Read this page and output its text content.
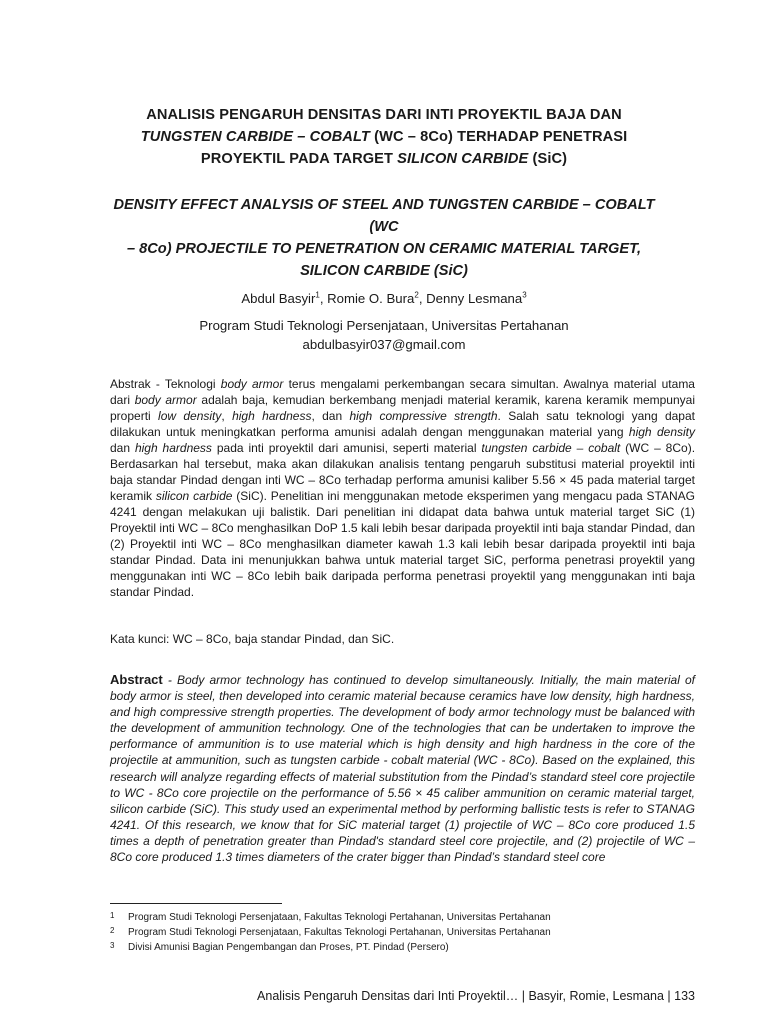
ANALISIS PENGARUH DENSITAS DARI INTI PROYEKTIL BAJA DAN
TUNGSTEN CARBIDE – COBALT (WC – 8Co) TERHADAP PENETRASI
PROYEKTIL PADA TARGET SILICON CARBIDE (SiC)
DENSITY EFFECT ANALYSIS OF STEEL AND TUNGSTEN CARBIDE – COBALT (WC
– 8Co) PROJECTILE TO PENETRATION ON CERAMIC MATERIAL TARGET,
SILICON CARBIDE (SiC)
Abdul Basyir$^1$, Romie O. Bura$^2$, Denny Lesmana$^3$
Program Studi Teknologi Persenjataan, Universitas Pertahanan
abdulbasyir037@gmail.com
Abstrak - Teknologi body armor terus mengalami perkembangan secara simultan. Awalnya material utama dari body armor adalah baja, kemudian berkembang menjadi material keramik, karena keramik mempunyai properti low density, high hardness, dan high compressive strength. Salah satu teknologi yang dapat dilakukan untuk meningkatkan performa amunisi adalah dengan menggunakan material yang high density dan high hardness pada inti proyektil dari amunisi, seperti material tungsten carbide – cobalt (WC – 8Co). Berdasarkan hal tersebut, maka akan dilakukan analisis tentang pengaruh substitusi material proyektil inti baja standar Pindad dengan inti WC – 8Co terhadap performa amunisi kaliber 5.56 × 45 pada material target keramik silicon carbide (SiC). Penelitian ini menggunakan metode eksperimen yang mengacu pada STANAG 4241 dengan melakukan uji balistik. Dari penelitian ini didapat data bahwa untuk material target SiC (1) Proyektil inti WC – 8Co menghasilkan DoP 1.5 kali lebih besar daripada proyektil inti baja standar Pindad, dan (2) Proyektil inti WC – 8Co menghasilkan diameter kawah 1.3 kali lebih besar daripada proyektil inti baja standar Pindad. Data ini menunjukkan bahwa untuk material target SiC, performa penetrasi proyektil yang menggunakan inti WC – 8Co lebih baik daripada performa penetrasi proyektil yang menggunakan inti baja standar Pindad.
Kata kunci: WC – 8Co, baja standar Pindad, dan SiC.
Abstract - Body armor technology has continued to develop simultaneously. Initially, the main material of body armor is steel, then developed into ceramic material because ceramics have low density, high hardness, and high compressive strength properties. The development of body armor technology must be balanced with the development of ammunition technology. One of the technologies that can be undertaken to improve the performance of ammunition is to use material which is high density and high hardness in the core of the projectile at ammunition, such as tungsten carbide - cobalt material (WC - 8Co). Based on the explained, this research will analyze regarding effects of material substitution from the Pindad’s standard steel core projectile to WC - 8Co core projectile on the performance of 5.56 × 45 caliber ammunition on ceramic material target, silicon carbide (SiC). This study used an experimental method by performing ballistic tests is refer to STANAG 4241. Of this research, we know that for SiC material target (1) projectile of WC – 8Co core produced 1.5 times a depth of penetration greater than Pindad's standard steel core projectile, and (2) projectile of WC – 8Co core produced 1.3 times diameters of the crater bigger than Pindad’s standard steel core
1	Program Studi Teknologi Persenjataan, Fakultas Teknologi Pertahanan, Universitas Pertahanan
2	Program Studi Teknologi Persenjataan, Fakultas Teknologi Pertahanan, Universitas Pertahanan
3	Divisi Amunisi Bagian Pengembangan dan Proses, PT. Pindad (Persero)
Analisis Pengaruh Densitas dari Inti Proyektil… | Basyir, Romie, Lesmana | 133
